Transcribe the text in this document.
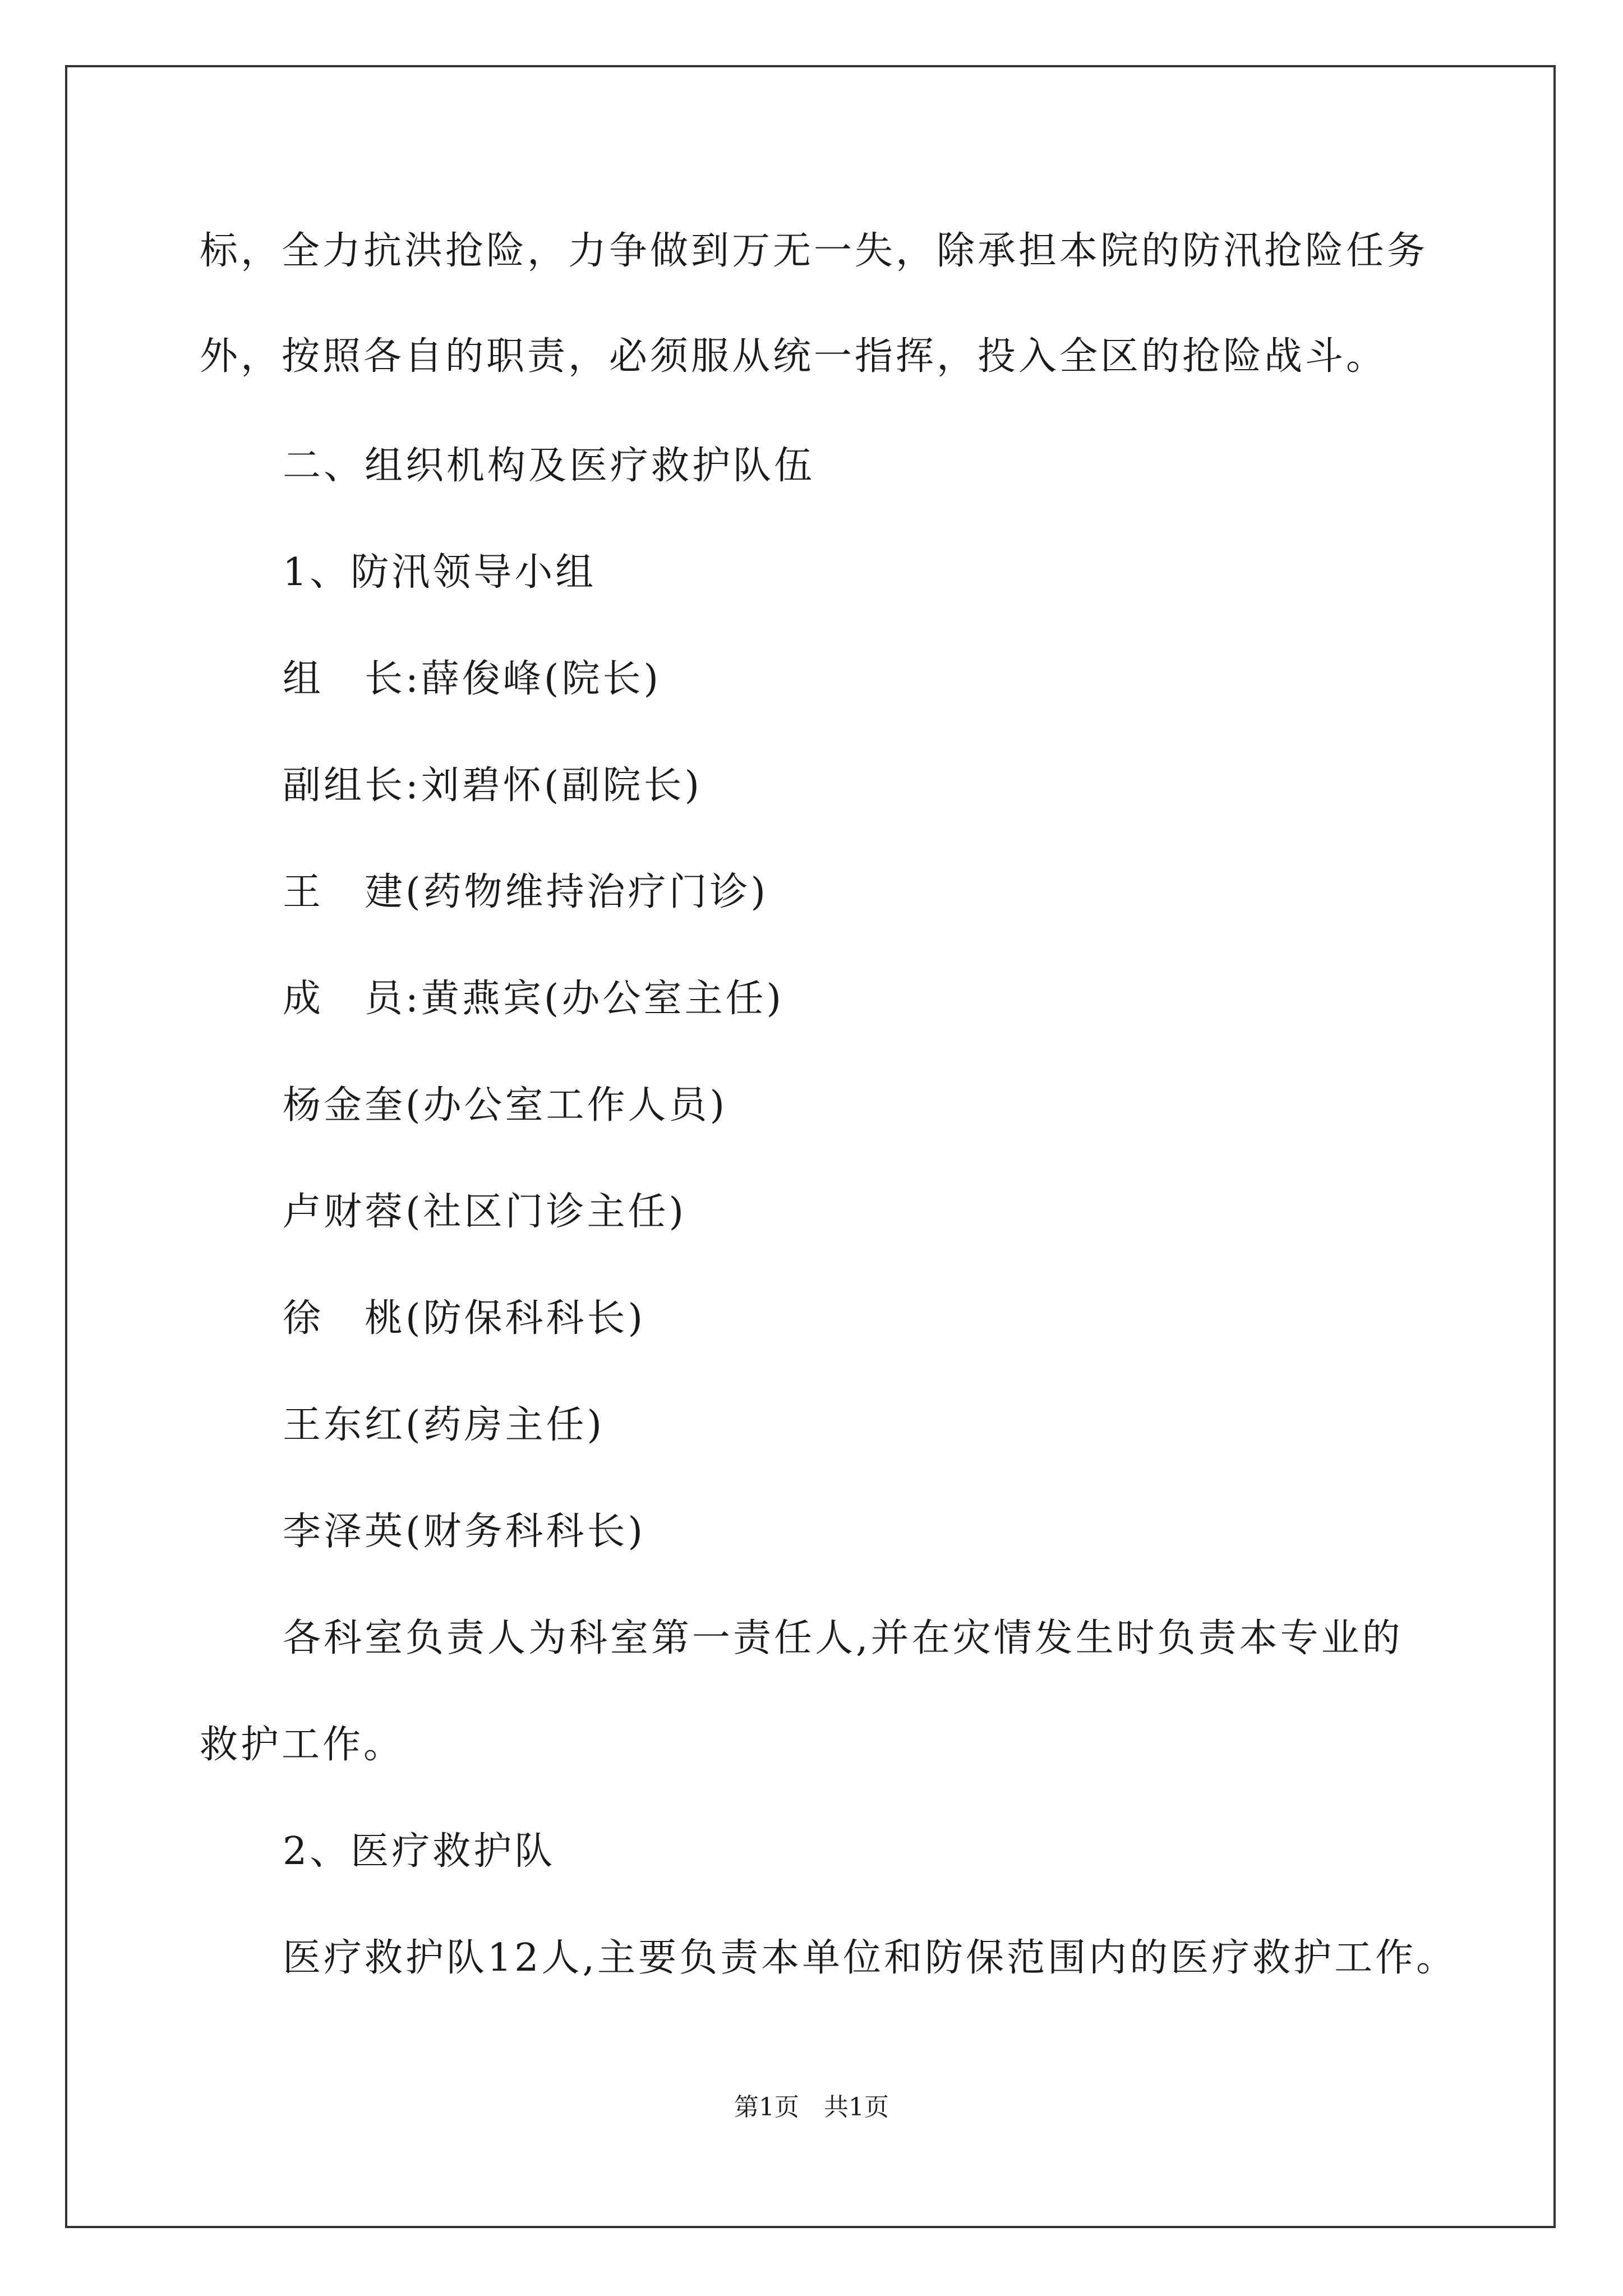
标，全力抗洪抢险，力争做到万无一失，除承担本院的防汛抢险任务
外，按照各自的职责，必须服从统一指挥，投入全区的抢险战斗。
二、组织机构及医疗救护队伍
1、防汛领导小组
组　长:薛俊峰(院长)
副组长:刘碧怀(副院长)
王　建(药物维持治疗门诊)
成　员:黄燕宾(办公室主任)
杨金奎(办公室工作人员)
卢财蓉(社区门诊主任)
徐　桃(防保科科长)
王东红(药房主任)
李泽英(财务科科长)
各科室负责人为科室第一责任人,并在灾情发生时负责本专业的
救护工作。
2、医疗救护队
医疗救护队12人,主要负责本单位和防保范围内的医疗救护工作。
第1页　共1页
